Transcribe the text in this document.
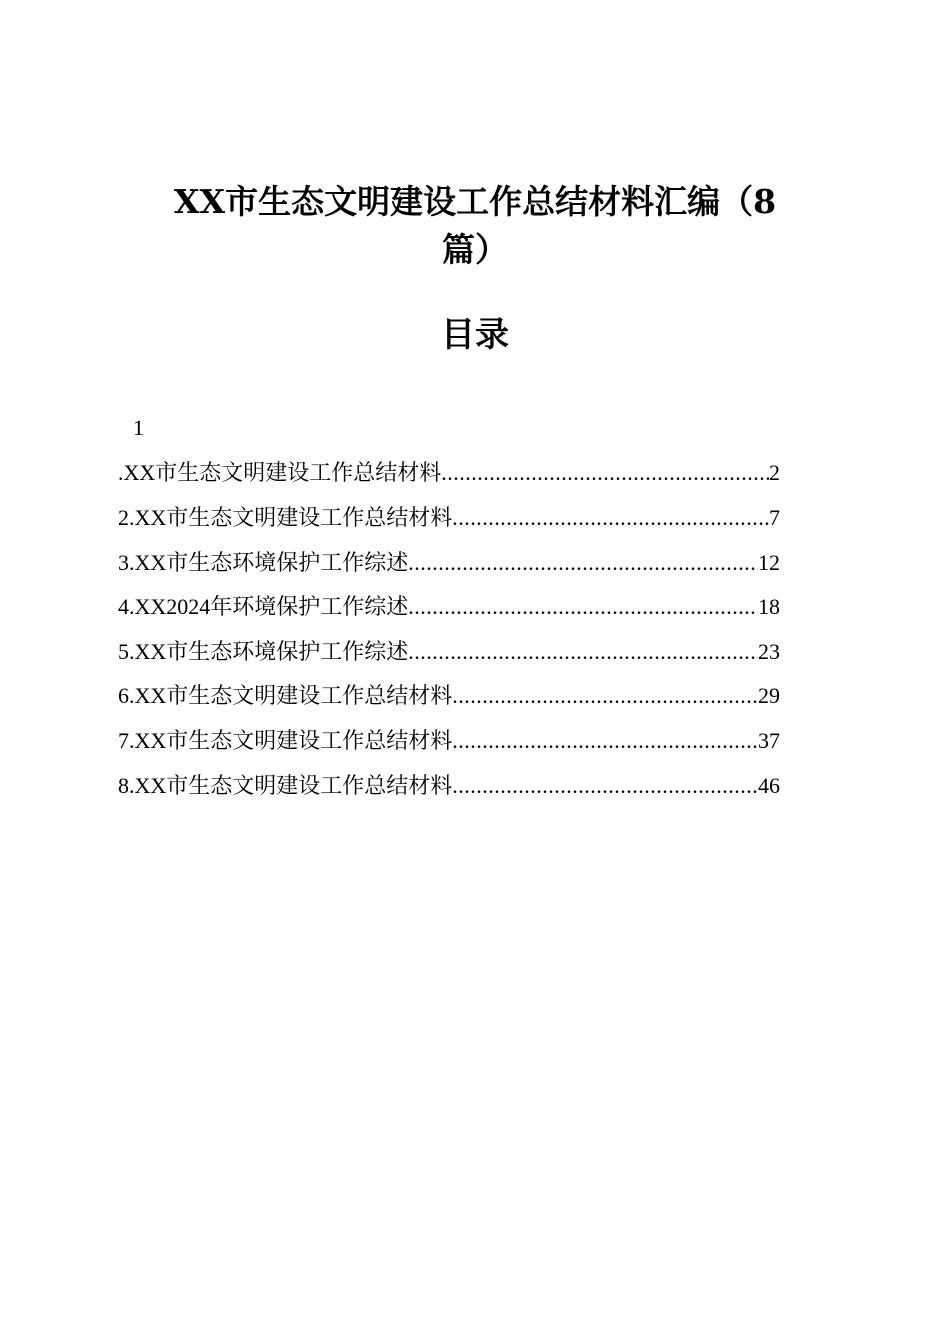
XX市生态文明建设工作总结材料汇编（8
篇）
目录
1
.XX市生态文明建设工作总结材料 .....	2
2.XX市生态文明建设工作总结材料 .....	7
3.XX市生态环境保护工作综述 .....	12
4.XX2024年环境保护工作综述 .....	18
5.XX市生态环境保护工作综述 .....	23
6.XX市生态文明建设工作总结材料 .....	29
7.XX市生态文明建设工作总结材料 .....	37
8.XX市生态文明建设工作总结材料 .....	46
